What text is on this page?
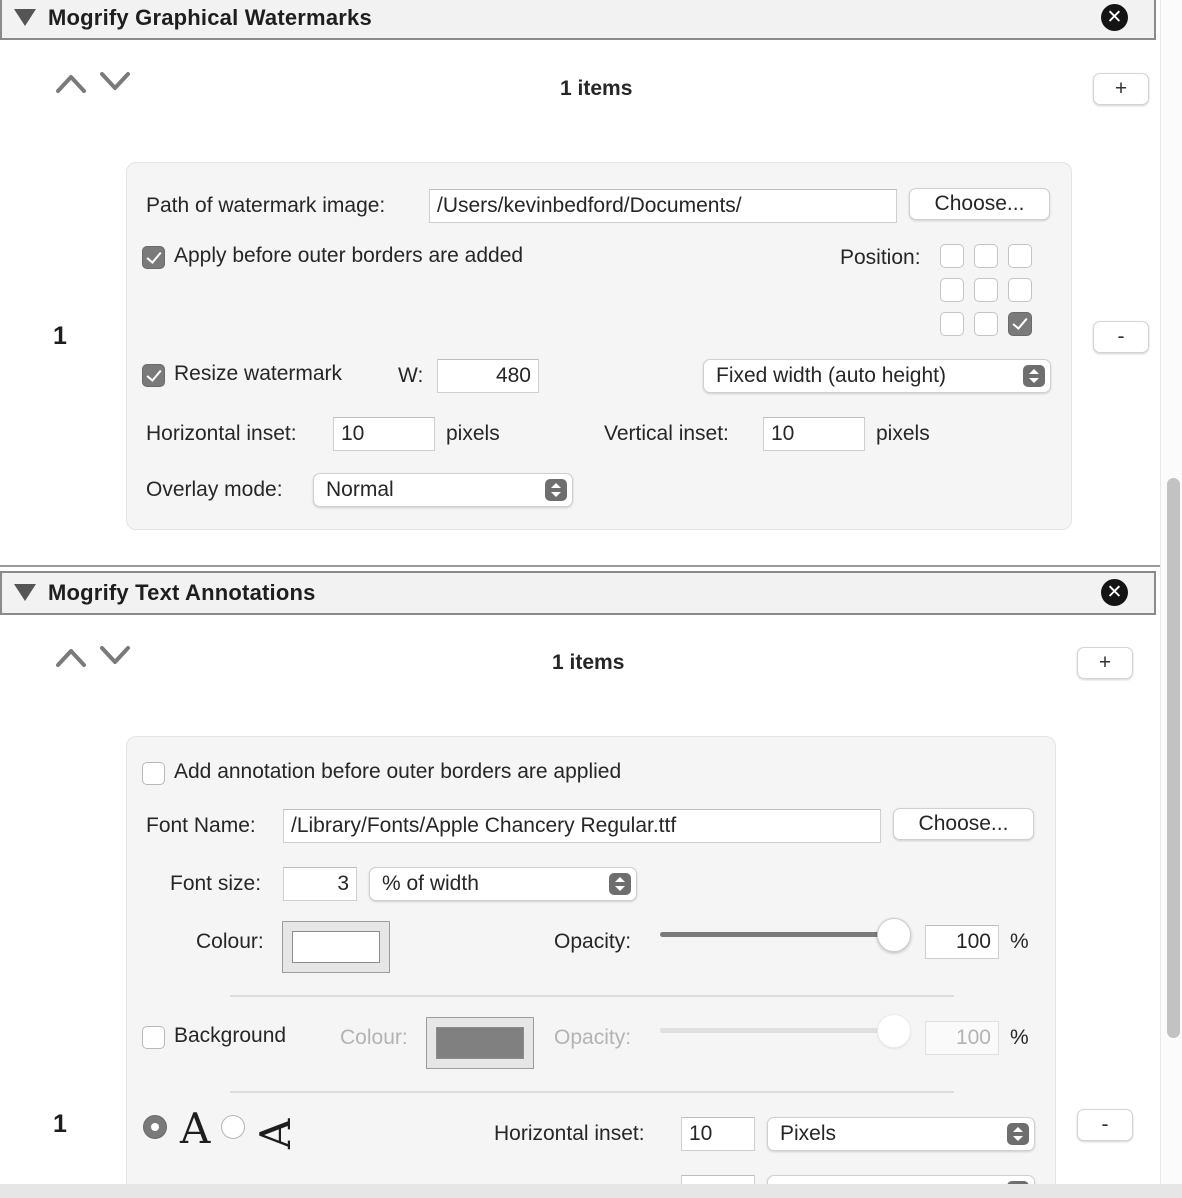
Mogrify Graphical Watermarks	✕
1 items	+
1	-
Path of watermark image:	/Users/kevinbedford/Documents/	Choose...
Apply before outer borders are added	Position:
Resize watermark	W:	480	Fixed width (auto height)
Horizontal inset:	10	pixels	Vertical inset:	10	pixels
Overlay mode:	Normal
Mogrify Text Annotations	✕
1 items	+
Add annotation before outer borders are applied
Font Name:	/Library/Fonts/Apple Chancery Regular.ttf	Choose...
Font size:	3	% of width
Colour:	Opacity:	100 %
Background	Colour:	Opacity:	100 %
1	-
A A	Horizontal inset:	10	Pixels
